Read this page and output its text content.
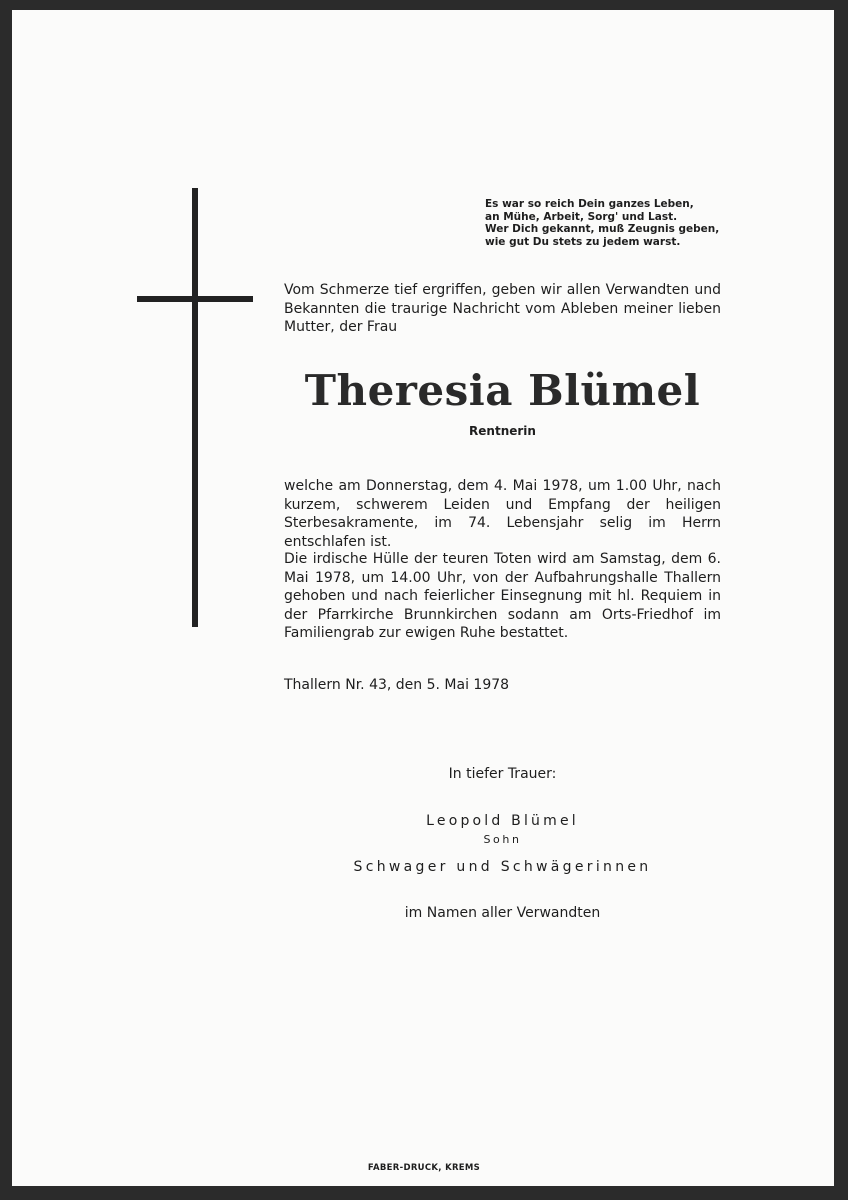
Es war so reich Dein ganzes Leben,
an Mühe, Arbeit, Sorg' und Last.
Wer Dich gekannt, muß Zeugnis geben,
wie gut Du stets zu jedem warst.
Vom Schmerze tief ergriffen, geben wir allen Verwandten und Bekannten die traurige Nachricht vom Ableben meiner lieben Mutter, der Frau
Theresia Blümel
Rentnerin
welche am Donnerstag, dem 4. Mai 1978, um 1.00 Uhr, nach kurzem, schwerem Leiden und Empfang der heiligen Sterbesakramente, im 74. Lebensjahr selig im Herrn entschlafen ist.
Die irdische Hülle der teuren Toten wird am Samstag, dem 6. Mai 1978, um 14.00 Uhr, von der Aufbahrungshalle Thallern gehoben und nach feierlicher Einsegnung mit hl. Requiem in der Pfarrkirche Brunnkirchen sodann am Orts-Friedhof im Familiengrab zur ewigen Ruhe bestattet.
Thallern Nr. 43, den 5. Mai 1978
In tiefer Trauer:
Leopold Blümel
Sohn
Schwager und Schwägerinnen
im Namen aller Verwandten
FABER-DRUCK, KREMS
